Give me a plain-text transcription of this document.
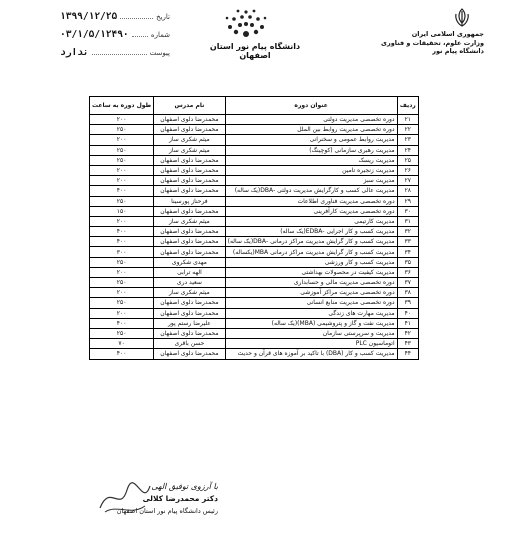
تاریخ
۱۳۹۹/۱۲/۲۵
شماره
۰۳/۱/۵/۱۲۴۹۰
پیوست
ندارد
دانشگاه پیام نور استان اصفهان
جمهوری اسلامی ایران
وزارت علوم، تحقیقات و فناوری
دانشگاه پیام نور
ردیف	عنوان دوره	نام مدرس	طول دوره به ساعت
۲۱	دوره تخصصی مدیریت دولتی	محمدرضا دلوی اصفهان	۲۰۰
۲۲	دوره تخصصی مدیریت روابط بین الملل	محمدرضا دلوی اصفهان	۲۵۰
۲۳	مدیریت روابط عمومی و سخنرانی	میثم شکری ساز	۲۰۰
۲۴	مدیریت رهبری سازمانی (کوچینگ)	میثم شکری ساز	۲۵۰
۲۵	مدیریت ریسک	محمدرضا دلوی اصفهان	۲۵۰
۲۶	مدیریت زنجیره تامین	محمدرضا دلوی اصفهان	۲۰۰
۲۷	مدیریت سبز	محمدرضا دلوی اصفهان	۲۰۰
۲۸	مدیریت عالی کسب و کارگرایش مدیریت دولتی -DBA(یک ساله)	محمدرضا دلوی اصفهان	۴۰۰
۲۹	دوره تخصصی مدیریت فناوری اطلاعات	فرحناز پورسینا	۲۵۰
۳۰	دوره تخصصی مدیریت کارآفرینی	محمدرضا دلوی اصفهان	۱۵۰
۳۱	مدیریت کارتیمی	میثم شکری ساز	۲۰۰
۳۲	مدیریت کسب و کار اجرایی -EDBA(یک ساله)	محمدرضا دلوی اصفهان	۴۰۰
۳۳	مدیریت کسب و کار گرایش مدیریت مراکز درمانی -DBA(یک ساله)	محمدرضا دلوی اصفهان	۴۰۰
۳۴	مدیریت کسب و کار گرایش مدیریت مراکز درمانی MBA(یکساله)	محمدرضا دلوی اصفهان	۳۰۰
۳۵	مدیریت کسب و کار ورزشی	مهدی شکروی	۲۵۰
۳۶	مدیریت کیفیت در محصولات بهداشتی	الهه ترابی	۲۰۰
۳۷	دوره تخصصی مدیریت مالی و حسابداری	سعید دری	۲۵۰
۳۸	دوره تخصصی مدیریت مراکز آموزشی	میثم شکری ساز	۲۰۰
۳۹	دوره تخصصی مدیریت منابع انسانی	محمدرضا دلوی اصفهان	۲۵۰
۴۰	مدیریت مهارت های زندگی	محمدرضا دلوی اصفهان	۲۰۰
۴۱	مدیریت نفت و گاز و پتروشیمی (MBA)(یک ساله)	علیرضا رستم پور	۴۰۰
۴۲	مدیریت و سرپرستی سازمان	محمدرضا دلوی اصفهان	۲۵۰
۴۳	اتوماسیون PLC	حسن باقری	۷۰
۴۴	مدیریت کسب و کار (DBA) با تاکید بر آموزه های قرآن و حدیث	محمدرضا دلوی اصفهان	۴۰۰
با آرزوی توفیق الهی
دکتر محمدرضا کلالی
رئیس دانشگاه پیام نور استان اصفهان
